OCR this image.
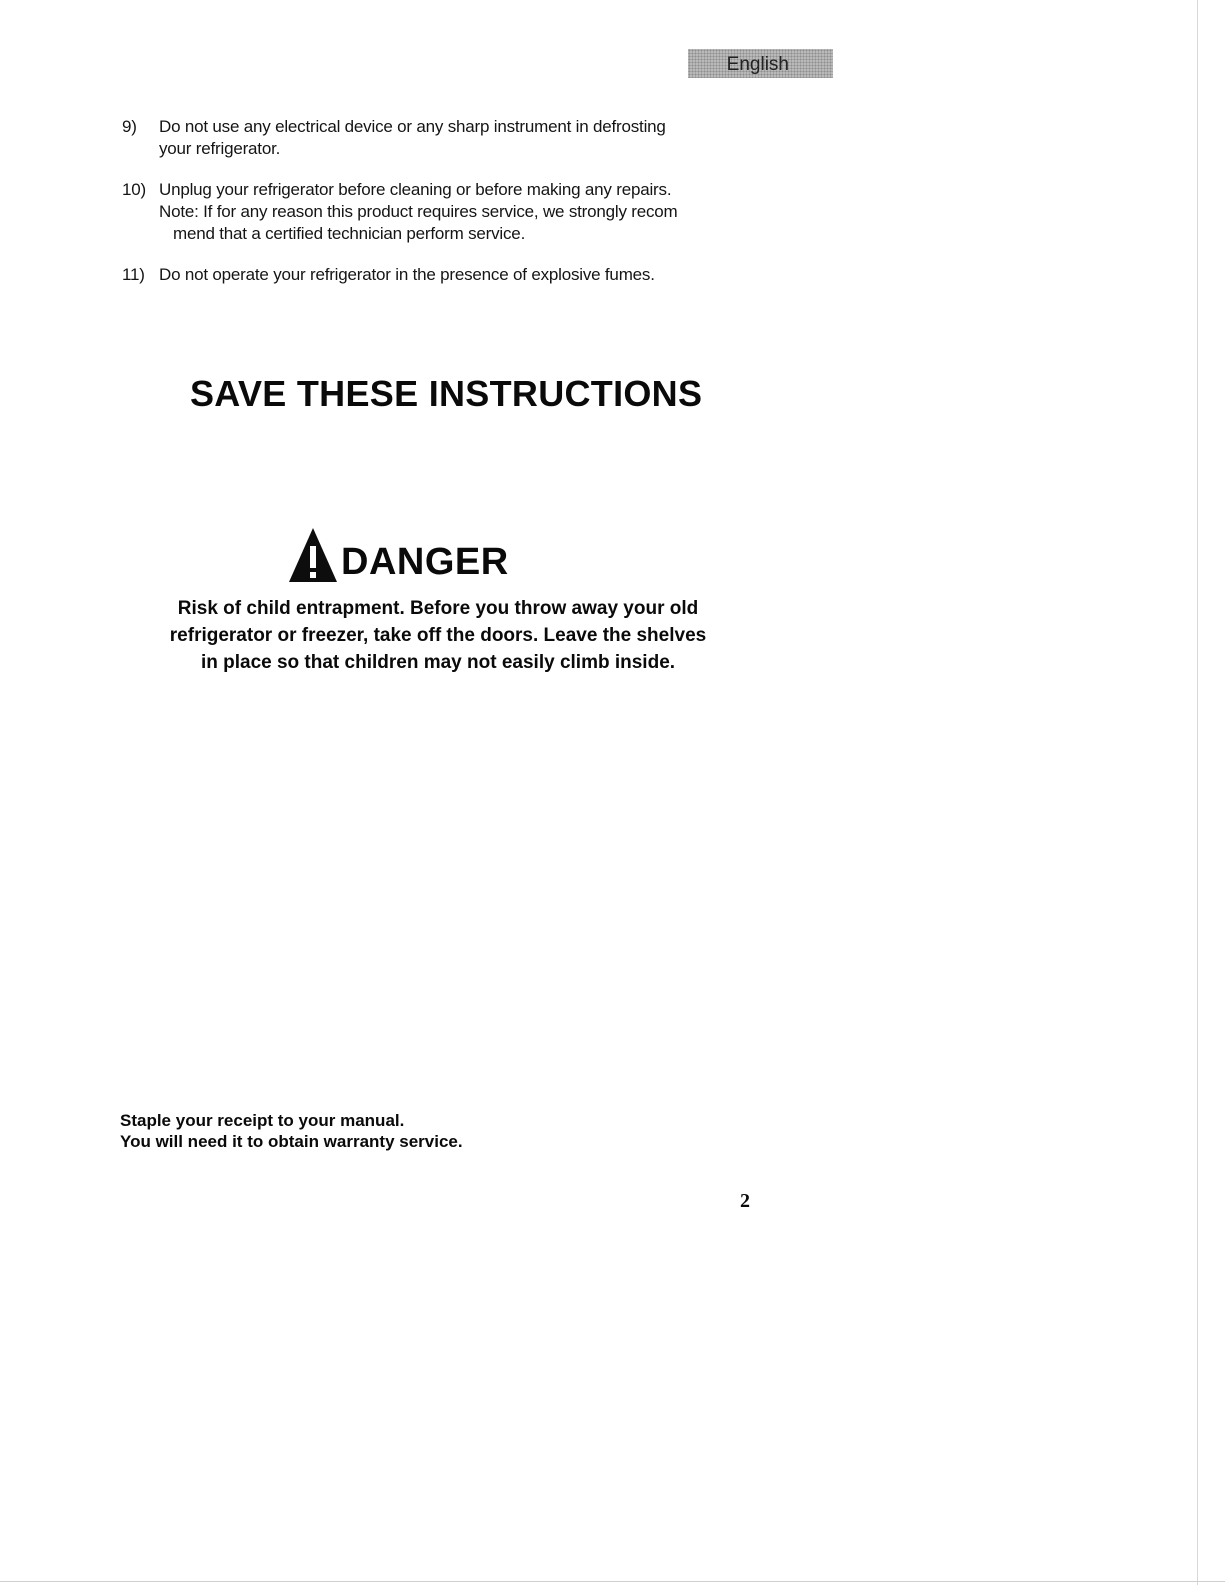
English
9)	Do not use any electrical device or any sharp instrument in defrosting
your refrigerator.
10) Unplug your refrigerator before cleaning or before making any repairs.
Note: If for any reason this product requires service, we strongly recom
mend that a certified technician perform service.
11) Do not operate your refrigerator in the presence of explosive fumes.
SAVE THESE INSTRUCTIONS
DANGER
Risk of child entrapment. Before you throw away your old
refrigerator or freezer, take off the doors. Leave the shelves
in place so that children may not easily climb inside.
Staple your receipt to your manual.
You will need it to obtain warranty service.
2
